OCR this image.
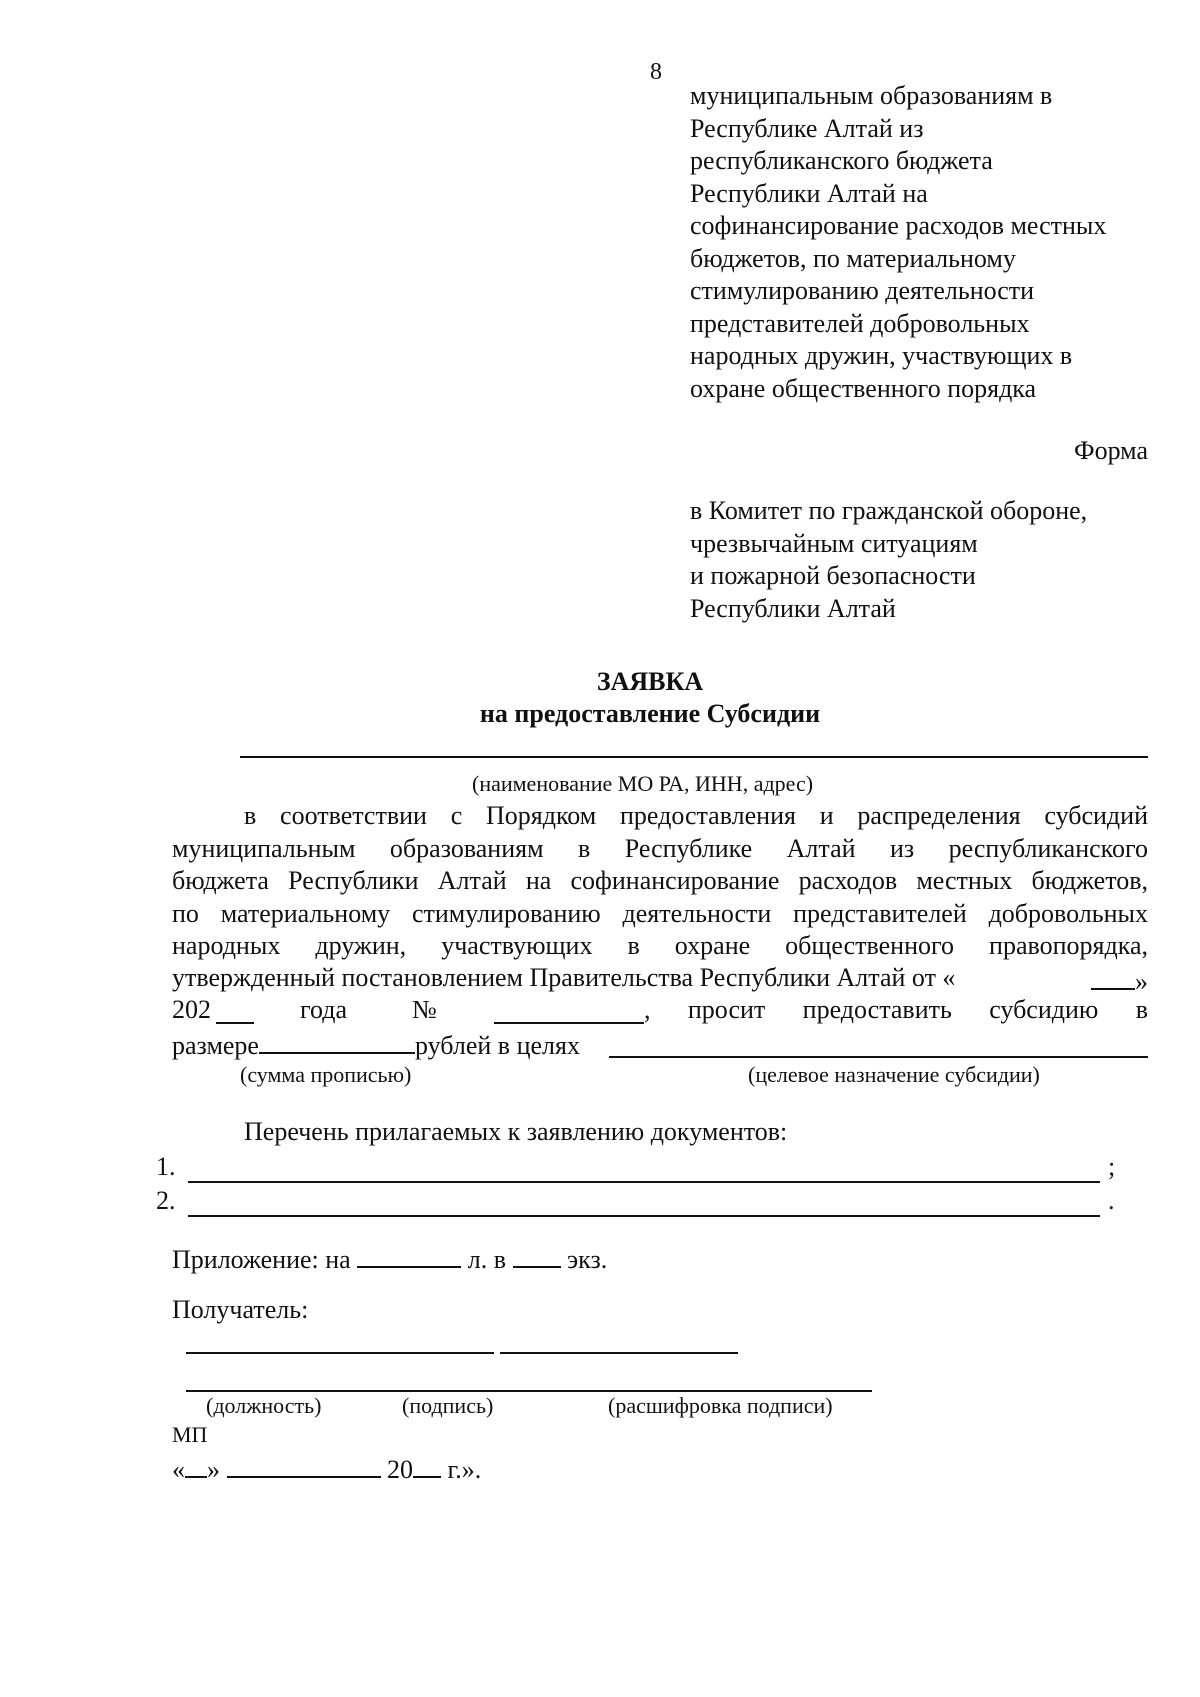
8
муниципальным образованиям в
Республике Алтай из
республиканского бюджета
Республики Алтай на
софинансирование расходов местных
бюджетов, по материальному
стимулированию деятельности
представителей добровольных
народных дружин, участвующих в
охране общественного порядка
Форма
в Комитет по гражданской обороне,
чрезвычайным ситуациям
и пожарной безопасности
Республики Алтай
ЗАЯВКА
на предоставление Субсидии
(наименование МО РА, ИНН, адрес)
в соответствии с Порядком предоставления и распределения субсидий
муниципальным образованиям в Республике Алтай из республиканского
бюджета Республики Алтай на софинансирование расходов местных бюджетов,
по материальному стимулированию деятельности представителей добровольных
народных дружин, участвующих в охране общественного правопорядка,
утвержденный постановлением Правительства Республики Алтай от «	»
202	года №	, просит предоставить субсидию в
размере	рублей в целях
(сумма прописью)	(целевое назначение субсидии)
Перечень прилагаемых к заявлению документов:
1.	;
2.	.
Приложение: на	л. в экз.
Получатель:
(должность)	(подпись)	(расшифровка подписи)
МП
« »	20 г.».
